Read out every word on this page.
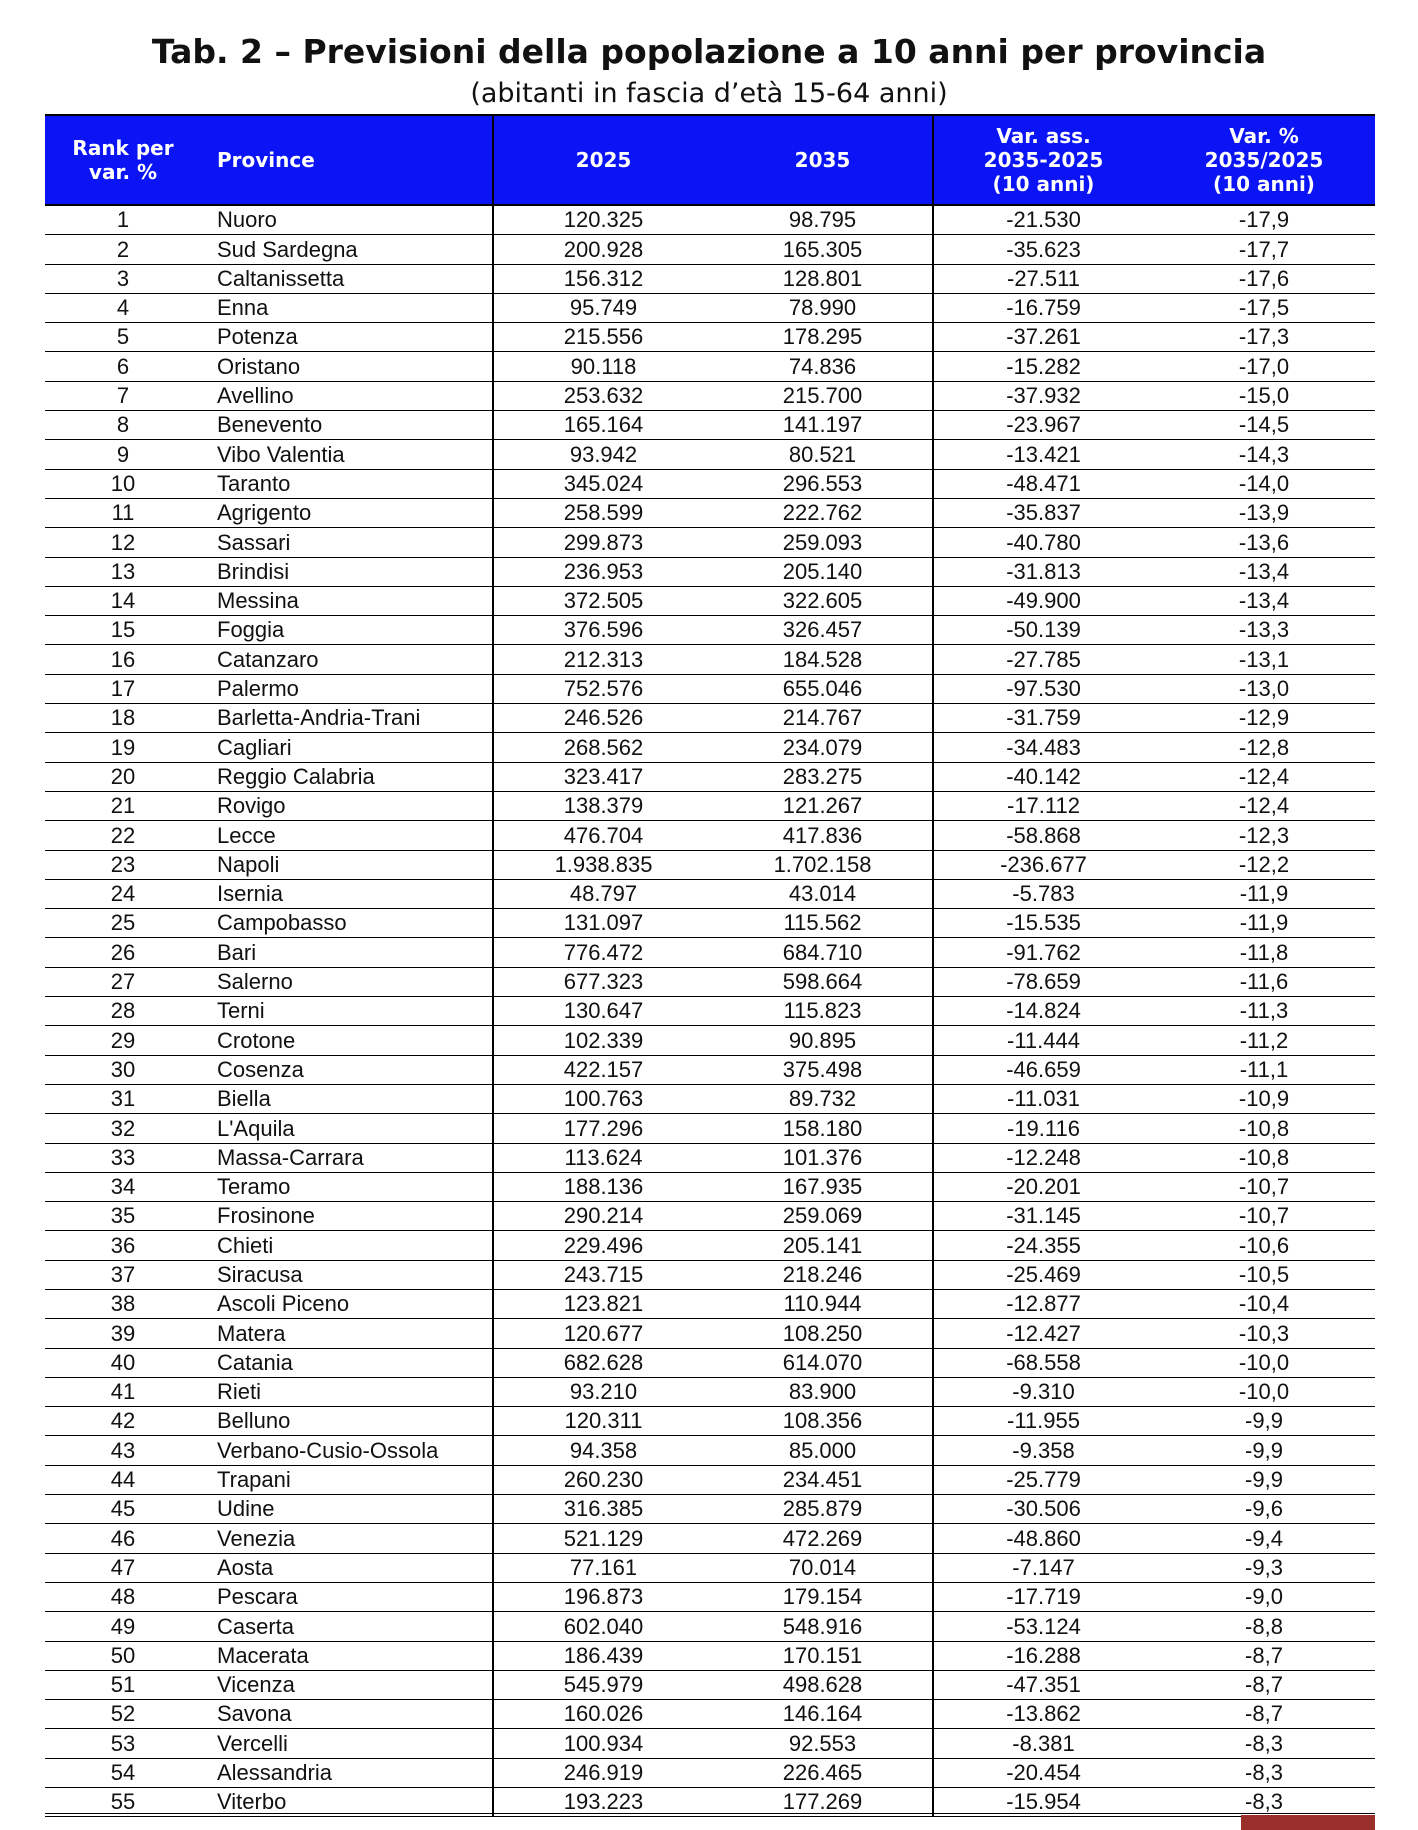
Tab. 2 – Previsioni della popolazione a 10 anni per provincia
(abitanti in fascia d’età 15-64 anni)
Rank per
var. %	Province	2025	2035	Var. ass.
2035-2025
(10 anni)	Var. %
2035/2025
(10 anni)
1	Nuoro	120.325	98.795	-21.530	-17,9
2	Sud Sardegna	200.928	165.305	-35.623	-17,7
3	Caltanissetta	156.312	128.801	-27.511	-17,6
4	Enna	95.749	78.990	-16.759	-17,5
5	Potenza	215.556	178.295	-37.261	-17,3
6	Oristano	90.118	74.836	-15.282	-17,0
7	Avellino	253.632	215.700	-37.932	-15,0
8	Benevento	165.164	141.197	-23.967	-14,5
9	Vibo Valentia	93.942	80.521	-13.421	-14,3
10	Taranto	345.024	296.553	-48.471	-14,0
11	Agrigento	258.599	222.762	-35.837	-13,9
12	Sassari	299.873	259.093	-40.780	-13,6
13	Brindisi	236.953	205.140	-31.813	-13,4
14	Messina	372.505	322.605	-49.900	-13,4
15	Foggia	376.596	326.457	-50.139	-13,3
16	Catanzaro	212.313	184.528	-27.785	-13,1
17	Palermo	752.576	655.046	-97.530	-13,0
18	Barletta-Andria-Trani	246.526	214.767	-31.759	-12,9
19	Cagliari	268.562	234.079	-34.483	-12,8
20	Reggio Calabria	323.417	283.275	-40.142	-12,4
21	Rovigo	138.379	121.267	-17.112	-12,4
22	Lecce	476.704	417.836	-58.868	-12,3
23	Napoli	1.938.835	1.702.158	-236.677	-12,2
24	Isernia	48.797	43.014	-5.783	-11,9
25	Campobasso	131.097	115.562	-15.535	-11,9
26	Bari	776.472	684.710	-91.762	-11,8
27	Salerno	677.323	598.664	-78.659	-11,6
28	Terni	130.647	115.823	-14.824	-11,3
29	Crotone	102.339	90.895	-11.444	-11,2
30	Cosenza	422.157	375.498	-46.659	-11,1
31	Biella	100.763	89.732	-11.031	-10,9
32	L'Aquila	177.296	158.180	-19.116	-10,8
33	Massa-Carrara	113.624	101.376	-12.248	-10,8
34	Teramo	188.136	167.935	-20.201	-10,7
35	Frosinone	290.214	259.069	-31.145	-10,7
36	Chieti	229.496	205.141	-24.355	-10,6
37	Siracusa	243.715	218.246	-25.469	-10,5
38	Ascoli Piceno	123.821	110.944	-12.877	-10,4
39	Matera	120.677	108.250	-12.427	-10,3
40	Catania	682.628	614.070	-68.558	-10,0
41	Rieti	93.210	83.900	-9.310	-10,0
42	Belluno	120.311	108.356	-11.955	-9,9
43	Verbano-Cusio-Ossola	94.358	85.000	-9.358	-9,9
44	Trapani	260.230	234.451	-25.779	-9,9
45	Udine	316.385	285.879	-30.506	-9,6
46	Venezia	521.129	472.269	-48.860	-9,4
47	Aosta	77.161	70.014	-7.147	-9,3
48	Pescara	196.873	179.154	-17.719	-9,0
49	Caserta	602.040	548.916	-53.124	-8,8
50	Macerata	186.439	170.151	-16.288	-8,7
51	Vicenza	545.979	498.628	-47.351	-8,7
52	Savona	160.026	146.164	-13.862	-8,7
53	Vercelli	100.934	92.553	-8.381	-8,3
54	Alessandria	246.919	226.465	-20.454	-8,3
55	Viterbo	193.223	177.269	-15.954	-8,3
